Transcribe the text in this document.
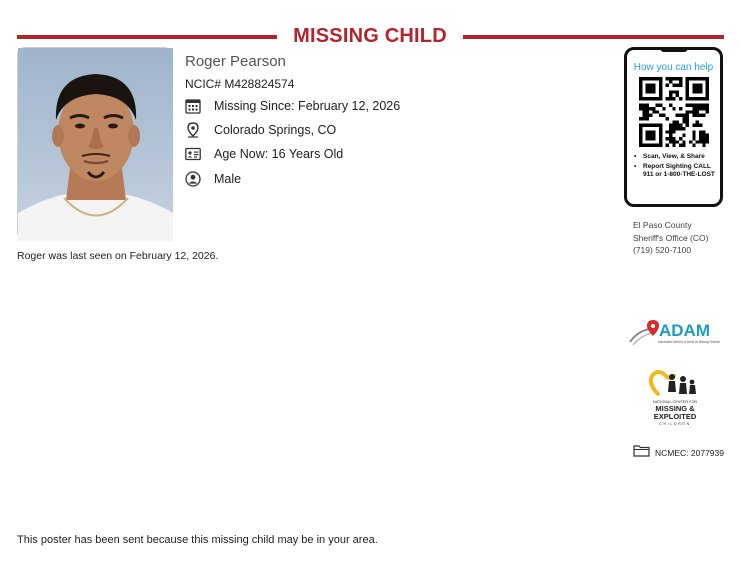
MISSING CHILD
Roger Pearson
NCIC# M428824574
Missing Since: February 12, 2026
Colorado Springs, CO
Age Now: 16 Years Old
Male
Roger was last seen on February 12, 2026.
How you can help
• Scan, View, & Share
• Report Sighting CALL 911 or 1-800-THE-LOST
El Paso County
Sheriff's Office (CO)
(719) 520-7100
ADAM
Automated Delivery of Alerts on Missing Children
NATIONAL CENTER FOR
MISSING &
EXPLOITED
CHILDREN
NCMEC: 2077939
This poster has been sent because this missing child may be in your area.
